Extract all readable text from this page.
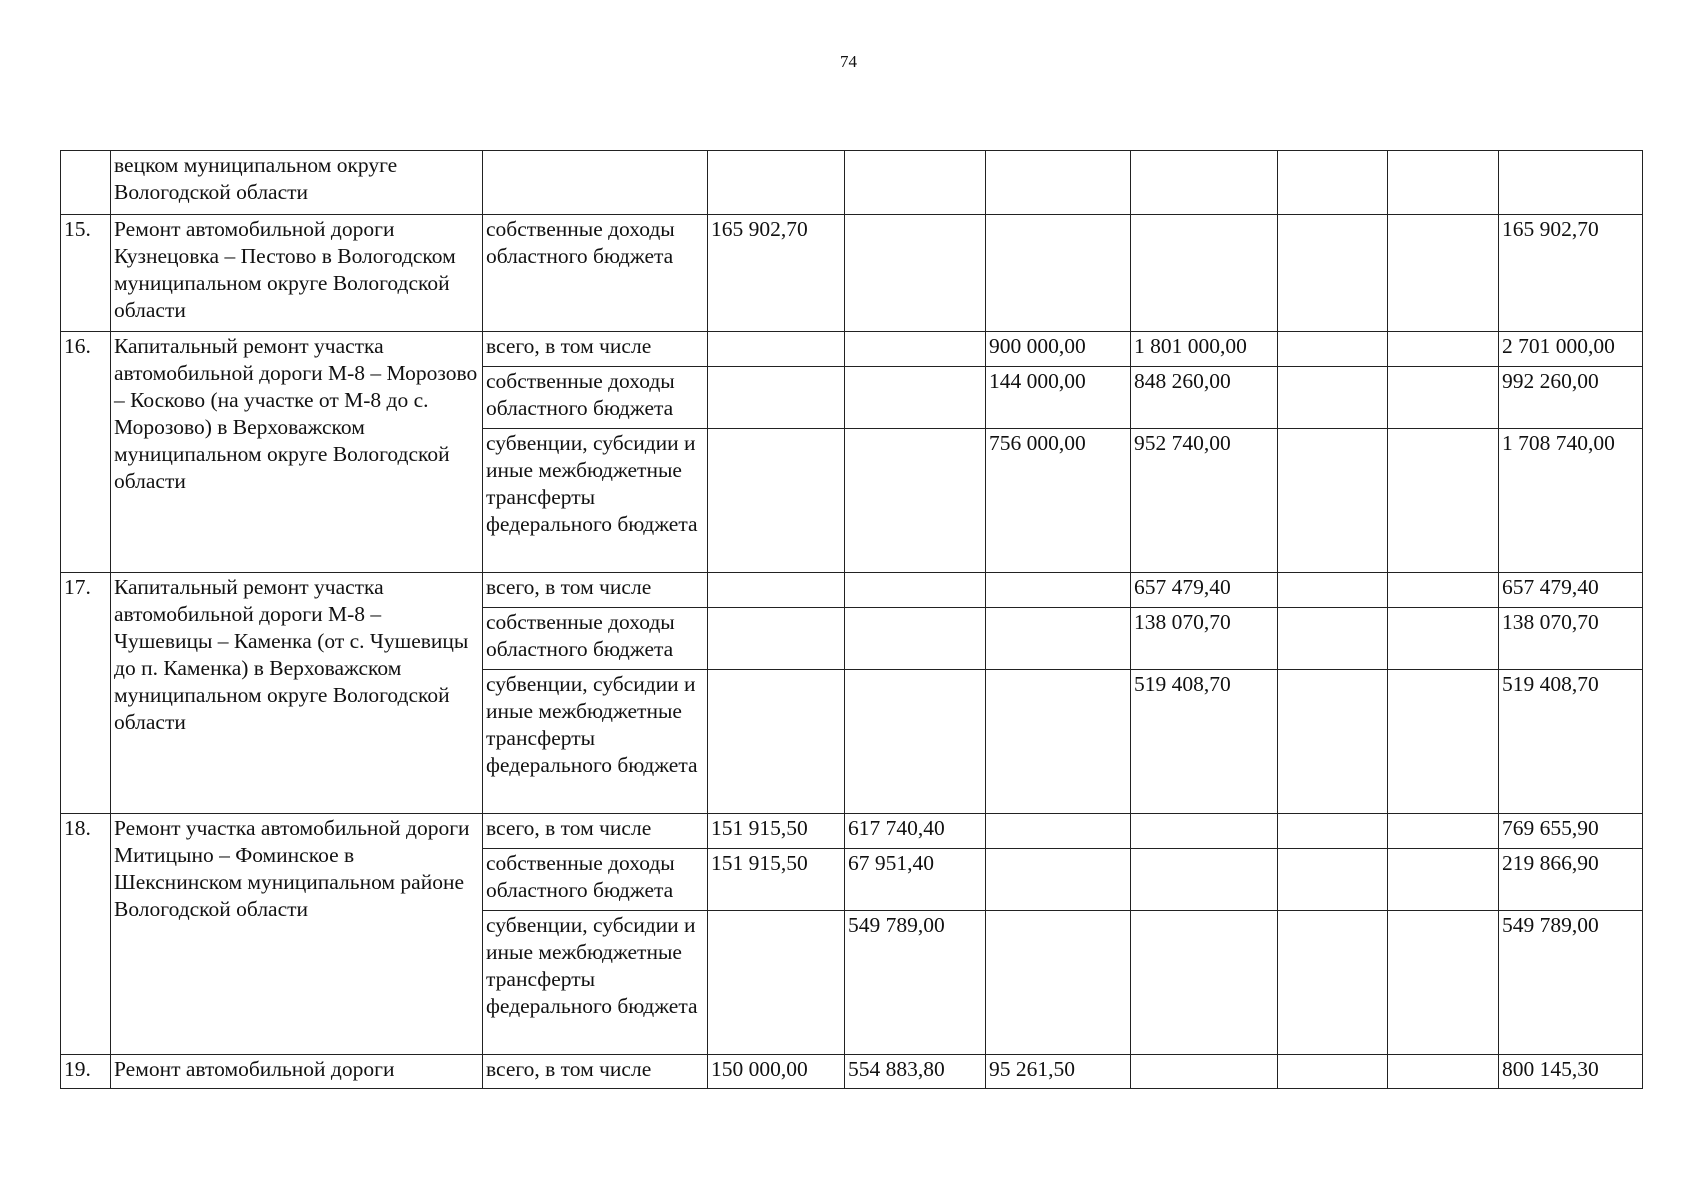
74
	вецком муниципальном округе Вологодской области								
15.	Ремонт автомобильной дороги Кузнецовка – Пестово в Вологодском муниципальном округе Вологодской области	собственные доходы областного бюджета	165 902,70						165 902,70
16.	Капитальный ремонт участка автомобильной дороги М-8 – Морозово – Косково (на участке от М-8 до с. Морозово) в Верховажском муниципальном округе Вологодской области	всего, в том числе			900 000,00	1 801 000,00			2 701 000,00
		собственные доходы областного бюджета			144 000,00	848 260,00			992 260,00
		субвенции, субсидии и иные межбюджетные трансферты федерального бюджета			756 000,00	952 740,00			1 708 740,00
17.	Капитальный ремонт участка автомобильной дороги М-8 – Чушевицы – Каменка (от с. Чушевицы до п. Каменка) в Верховажском муниципальном округе Вологодской области	всего, в том числе				657 479,40			657 479,40
		собственные доходы областного бюджета				138 070,70			138 070,70
		субвенции, субсидии и иные межбюджетные трансферты федерального бюджета				519 408,70			519 408,70
18.	Ремонт участка автомобильной дороги Митицыно – Фоминское в Шекснинском муниципальном районе Вологодской области	всего, в том числе	151 915,50	617 740,40					769 655,90
		собственные доходы областного бюджета	151 915,50	67 951,40					219 866,90
		субвенции, субсидии и иные межбюджетные трансферты федерального бюджета		549 789,00					549 789,00
19.	Ремонт автомобильной дороги	всего, в том числе	150 000,00	554 883,80	95 261,50				800 145,30
